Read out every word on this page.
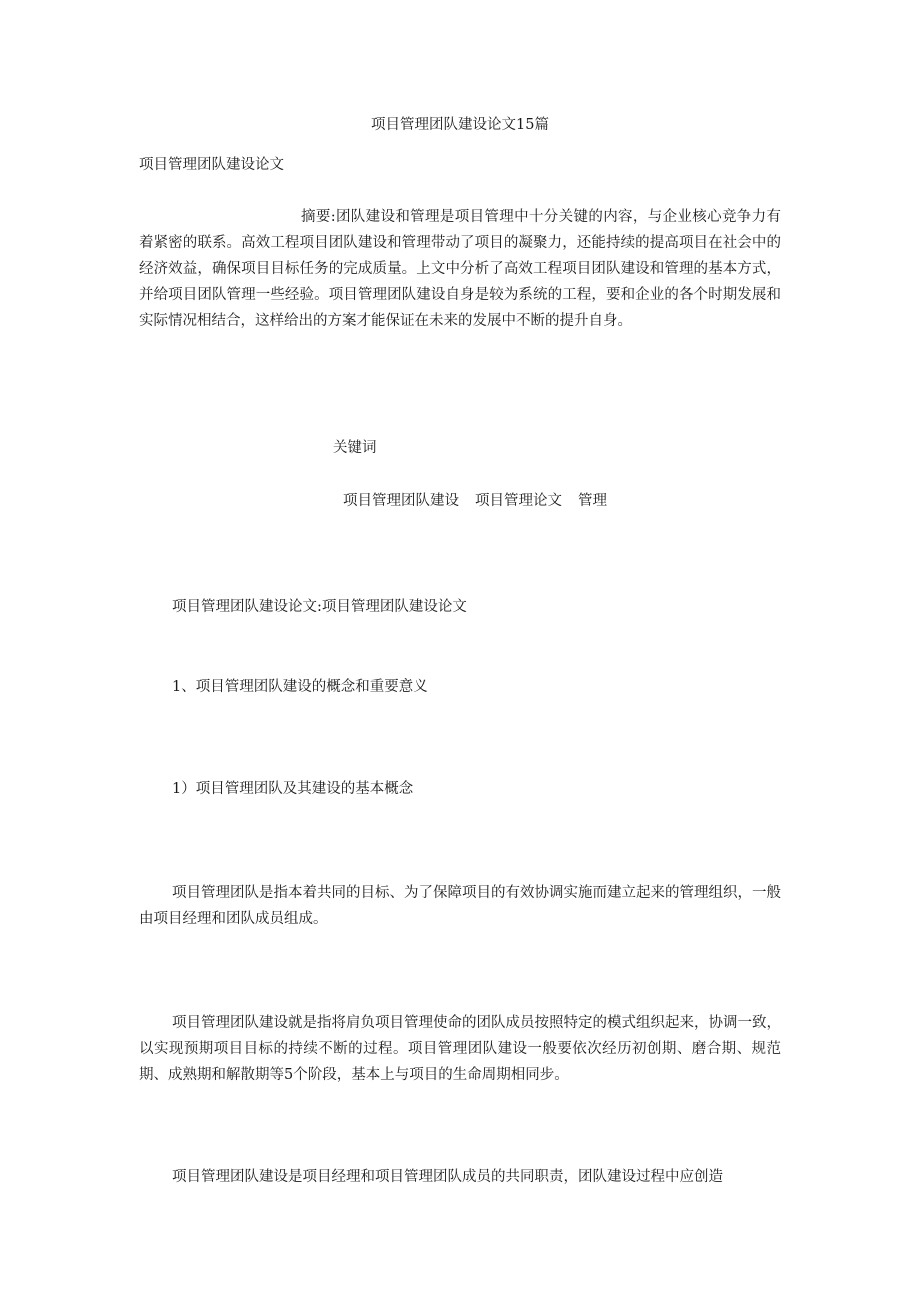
项目管理团队建设论文15篇

项目管理团队建设论文

摘要:团队建设和管理是项目管理中十分关键的内容，与企业核心竞争力有着紧密的联系。高效工程项目团队建设和管理带动了项目的凝聚力，还能持续的提高项目在社会中的经济效益，确保项目目标任务的完成质量。上文中分析了高效工程项目团队建设和管理的基本方式，并给项目团队管理一些经验。项目管理团队建设自身是较为系统的工程，要和企业的各个时期发展和实际情况相结合，这样给出的方案才能保证在未来的发展中不断的提升自身。

关键词

项目管理团队建设 项目管理论文 管理

项目管理团队建设论文:项目管理团队建设论文

1、项目管理团队建设的概念和重要意义

1）项目管理团队及其建设的基本概念

项目管理团队是指本着共同的目标、为了保障项目的有效协调实施而建立起来的管理组织，一般由项目经理和团队成员组成。

项目管理团队建设就是指将肩负项目管理使命的团队成员按照特定的模式组织起来，协调一致，以实现预期项目目标的持续不断的过程。项目管理团队建设一般要依次经历初创期、磨合期、规范期、成熟期和解散期等5个阶段，基本上与项目的生命周期相同步。

项目管理团队建设是项目经理和项目管理团队成员的共同职责，团队建设过程中应创造
